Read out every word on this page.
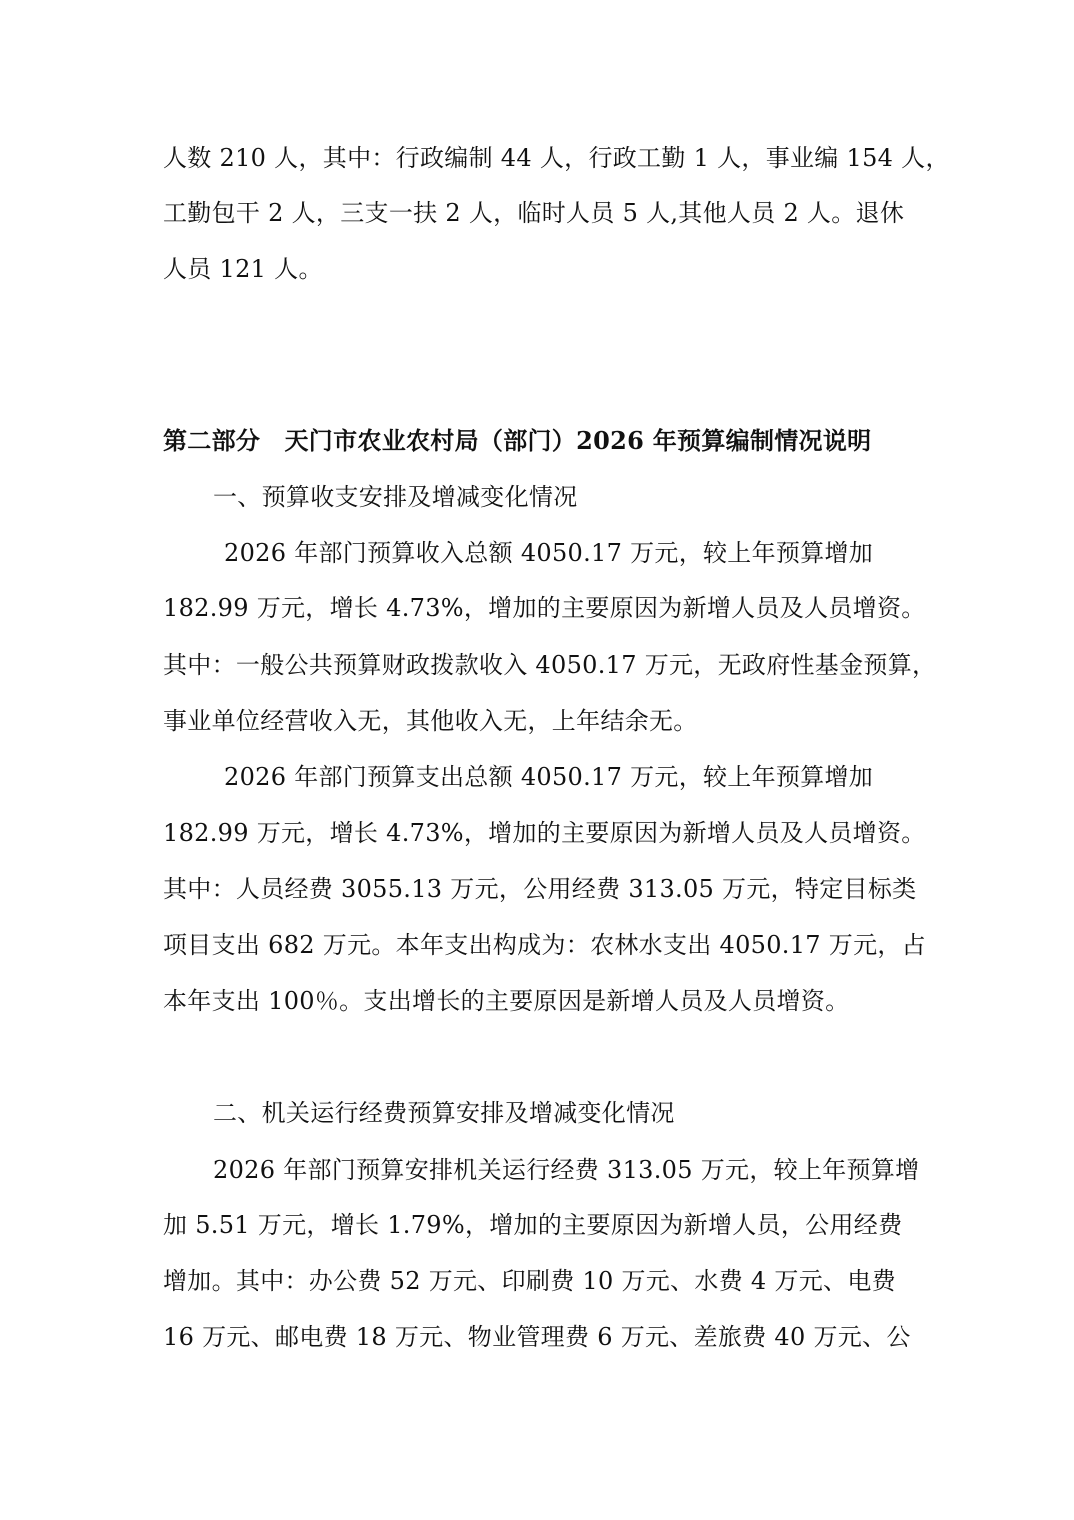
人数 210 人，其中：行政编制 44 人，行政工勤 1 人，事业编 154 人，
工勤包干 2 人，三支一扶 2 人，临时人员 5 人,其他人员 2 人。退休
人员 121 人。
第二部分　天门市农业农村局（部门）2026 年预算编制情况说明
一、预算收支安排及增减变化情况
2026 年部门预算收入总额 4050.17 万元，较上年预算增加
182.99 万元，增长 4.73%，增加的主要原因为新增人员及人员增资。
其中：一般公共预算财政拨款收入 4050.17 万元，无政府性基金预算，
事业单位经营收入无，其他收入无，上年结余无。
2026 年部门预算支出总额 4050.17 万元，较上年预算增加
182.99 万元，增长 4.73%，增加的主要原因为新增人员及人员增资。
其中：人员经费 3055.13 万元，公用经费 313.05 万元，特定目标类
项目支出 682 万元。本年支出构成为：农林水支出 4050.17 万元，占
本年支出 100％。支出增长的主要原因是新增人员及人员增资。
二、机关运行经费预算安排及增减变化情况
2026 年部门预算安排机关运行经费 313.05 万元，较上年预算增
加 5.51 万元，增长 1.79%，增加的主要原因为新增人员，公用经费
增加。其中：办公费 52 万元、印刷费 10 万元、水费 4 万元、电费
16 万元、邮电费 18 万元、物业管理费 6 万元、差旅费 40 万元、公
